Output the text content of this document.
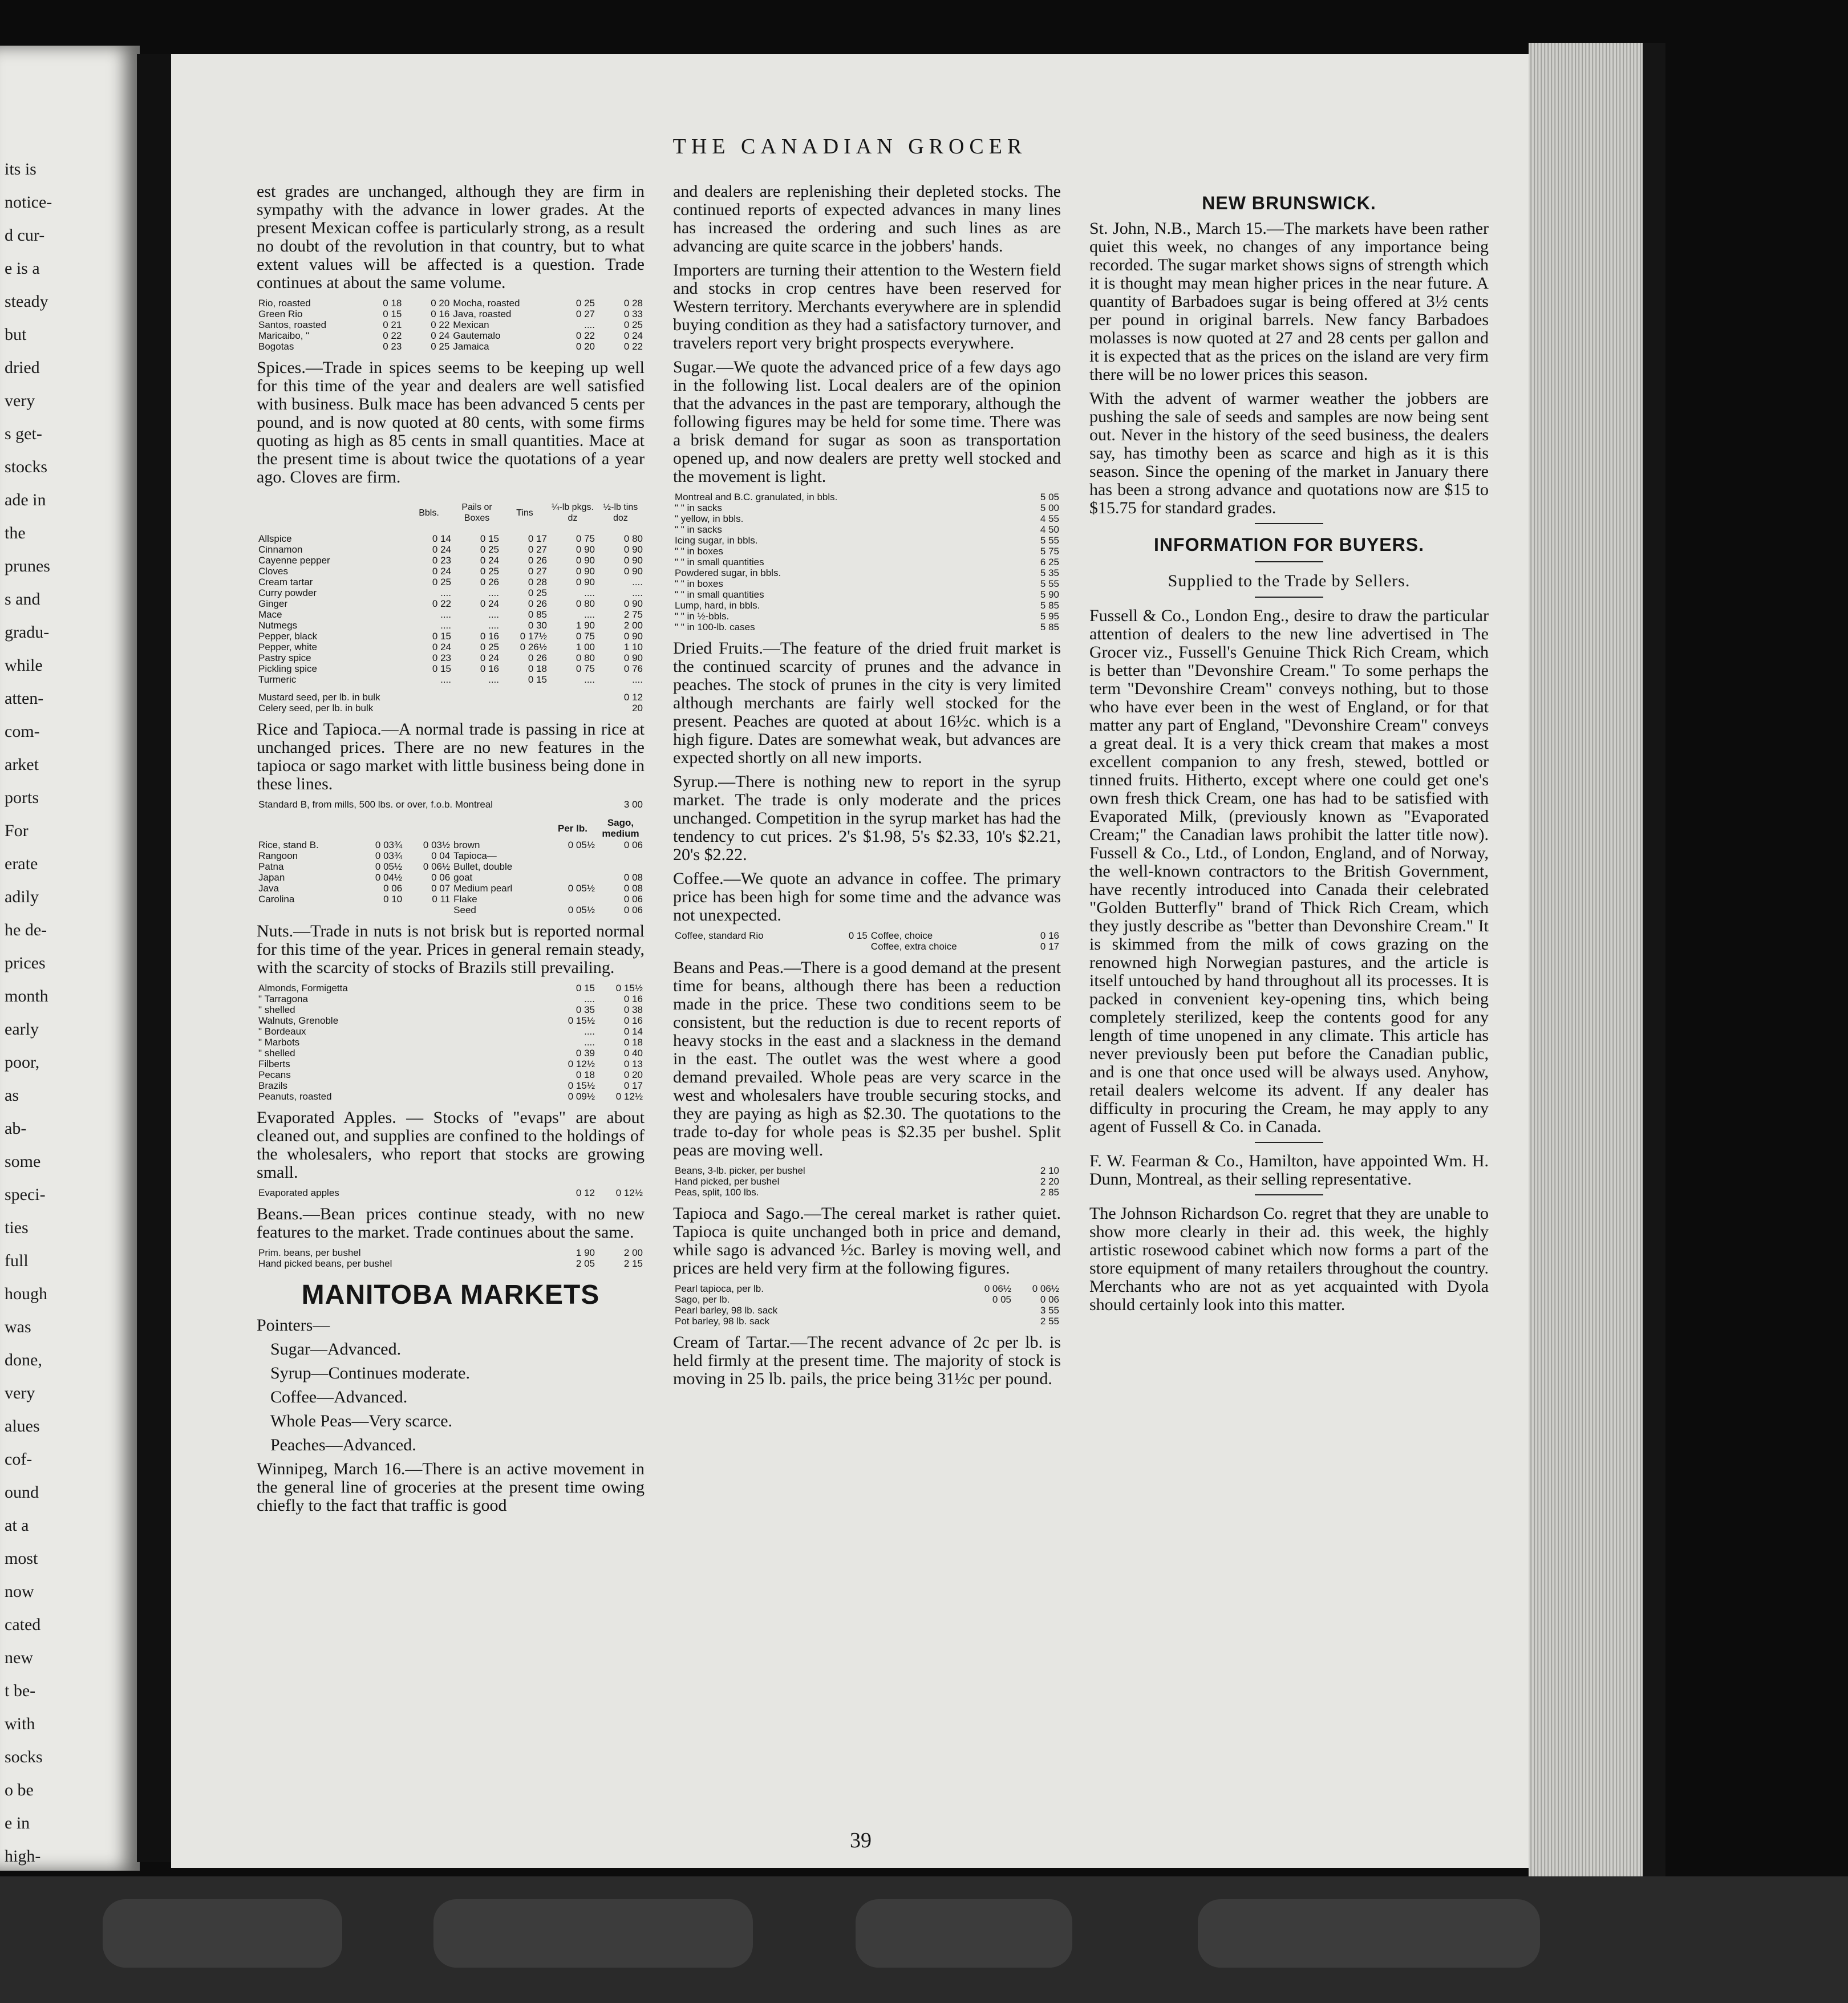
its is
notice-
d cur-
e is a
steady
but
dried
very
s get-
stocks
ade in
the
prunes
s and
gradu-
while
atten-
com-
arket
ports
For
erate
adily
he de-
prices
month
early
poor,
as
ab-
some
speci-
ties
full
hough
was
done,
very
alues
cof-
ound
at a
most
now
cated
new
t be-
with
socks
o be
e in
high-
THE CANADIAN GROCER

est grades are unchanged, although they are firm in sympathy with the advance in lower grades. At the present Mexican coffee is particularly strong, as a result no doubt of the revolution in that country, but to what extent values will be affected is a question. Trade continues at about the same volume.

Rio, roasted	0 18	0 20	Mocha, roasted	0 25	0 28
Green Rio	0 15	0 16	Java, roasted	0 27	0 33
Santos, roasted	0 21	0 22	Mexican	....	0 25
Maricaibo, "	0 22	0 24	Gautemalo	0 22	0 24
Bogotas	0 23	0 25	Jamaica	0 20	0 22

Spices.—Trade in spices seems to be keeping up well for this time of the year and dealers are well satisfied with business. Bulk mace has been advanced 5 cents per pound, and is now quoted at 80 cents, with some firms quoting as high as 85 cents in small quantities. Mace at the present time is about twice the quotations of a year ago. Cloves are firm.

	Bbls.	Pails or Boxes	Tins	¼-lb pkgs. dz	½-lb tins doz
Allspice	0 14	0 15	0 17	0 75	0 80
Cinnamon	0 24	0 25	0 27	0 90	0 90
Cayenne pepper	0 23	0 24	0 26	0 90	0 90
Cloves	0 24	0 25	0 27	0 90	0 90
Cream tartar	0 25	0 26	0 28	0 90	....
Curry powder	....	....	0 25	....	....
Ginger	0 22	0 24	0 26	0 80	0 90
Mace	....	....	0 85	....	2 75
Nutmegs	....	....	0 30	1 90	2 00
Pepper, black	0 15	0 16	0 17½	0 75	0 90
Pepper, white	0 24	0 25	0 26½	1 00	1 10
Pastry spice	0 23	0 24	0 26	0 80	0 90
Pickling spice	0 15	0 16	0 18	0 75	0 76
Turmeric	....	....	0 15	....	....
Mustard seed, per lb. in bulk	0 12
Celery seed, per lb. in bulk	20

Rice and Tapioca.—A normal trade is passing in rice at unchanged prices. There are no new features in the tapioca or sago market with little business being done in these lines.

Standard B, from mills, 500 lbs. or over, f.o.b. Montreal	3 00
				Per lb.	Sago, medium
Rice, stand B.	0 03¾	0 03½	brown	0 05½	0 06
Rangoon	0 03¾	0 04	Tapioca—		
Patna	0 05½	0 06½	Bullet, double		
Japan	0 04½	0 06	goat		0 08
Java	0 06	0 07	Medium pearl	0 05½	0 08
Carolina	0 10	0 11	Flake		0 06
			Seed	0 05½	0 06

Nuts.—Trade in nuts is not brisk but is reported normal for this time of the year. Prices in general remain steady, with the scarcity of stocks of Brazils still prevailing.

Almonds, Formigetta	0 15	0 15½
" Tarragona	....	0 16
" shelled	0 35	0 38
Walnuts, Grenoble	0 15½	0 16
" Bordeaux	....	0 14
" Marbots	....	0 18
" shelled	0 39	0 40
Filberts	0 12½	0 13
Pecans	0 18	0 20
Brazils	0 15½	0 17
Peanuts, roasted	0 09½	0 12½

Evaporated Apples. — Stocks of "evaps" are about cleaned out, and supplies are confined to the holdings of the wholesalers, who report that stocks are growing small.

Evaporated apples	0 12	0 12½

Beans.—Bean prices continue steady, with no new features to the market. Trade continues about the same.

Prim. beans, per bushel	1 90	2 00
Hand picked beans, per bushel	2 05	2 15
MANITOBA MARKETS

Pointers—

Sugar—Advanced.

Syrup—Continues moderate.

Coffee—Advanced.

Whole Peas—Very scarce.

Peaches—Advanced.

Winnipeg, March 16.—There is an active movement in the general line of groceries at the present time owing chiefly to the fact that traffic is good

and dealers are replenishing their depleted stocks. The continued reports of expected advances in many lines has increased the ordering and such lines as are advancing are quite scarce in the jobbers' hands.

Importers are turning their attention to the Western field and stocks in crop centres have been reserved for Western territory. Merchants everywhere are in splendid buying condition as they had a satisfactory turnover, and travelers report very bright prospects everywhere.

Sugar.—We quote the advanced price of a few days ago in the following list. Local dealers are of the opinion that the advances in the past are temporary, although the following figures may be held for some time. There was a brisk demand for sugar as soon as transportation opened up, and now dealers are pretty well stocked and the movement is light.

Montreal and B.C. granulated, in bbls.	5 05
" " in sacks	5 00
" yellow, in bbls.	4 55
" " in sacks	4 50
Icing sugar, in bbls.	5 55
" " in boxes	5 75
" " in small quantities	6 25
Powdered sugar, in bbls.	5 35
" " in boxes	5 55
" " in small quantities	5 90
Lump, hard, in bbls.	5 85
" " in ½-bbls.	5 95
" " in 100-lb. cases	5 85

Dried Fruits.—The feature of the dried fruit market is the continued scarcity of prunes and the advance in peaches. The stock of prunes in the city is very limited although merchants are fairly well stocked for the present. Peaches are quoted at about 16½c. which is a high figure. Dates are somewhat weak, but advances are expected shortly on all new imports.

Syrup.—There is nothing new to report in the syrup market. The trade is only moderate and the prices unchanged. Competition in the syrup market has had the tendency to cut prices. 2's $1.98, 5's $2.33, 10's $2.21, 20's $2.22.

Coffee.—We quote an advance in coffee. The primary price has been high for some time and the advance was not unexpected.

Coffee, standard Rio	0 15	Coffee, choice	0 16
		Coffee, extra choice	0 17

Beans and Peas.—There is a good demand at the present time for beans, although there has been a reduction made in the price. These two conditions seem to be consistent, but the reduction is due to recent reports of heavy stocks in the east and a slackness in the demand in the east. The outlet was the west where a good demand prevailed. Whole peas are very scarce in the west and wholesalers have trouble securing stocks, and they are paying as high as $2.30. The quotations to the trade to-day for whole peas is $2.35 per bushel. Split peas are moving well.

Beans, 3-lb. picker, per bushel	2 10
Hand picked, per bushel	2 20
Peas, split, 100 lbs.	2 85

Tapioca and Sago.—The cereal market is rather quiet. Tapioca is quite unchanged both in price and demand, while sago is advanced ½c. Barley is moving well, and prices are held very firm at the following figures.

Pearl tapioca, per lb.	0 06½	0 06½
Sago, per lb.	0 05	0 06
Pearl barley, 98 lb. sack		3 55
Pot barley, 98 lb. sack		2 55

Cream of Tartar.—The recent advance of 2c per lb. is held firmly at the present time. The majority of stock is moving in 25 lb. pails, the price being 31½c per pound.

NEW BRUNSWICK.

St. John, N.B., March 15.—The markets have been rather quiet this week, no changes of any importance being recorded. The sugar market shows signs of strength which it is thought may mean higher prices in the near future. A quantity of Barbadoes sugar is being offered at 3½ cents per pound in original barrels. New fancy Barbadoes molasses is now quoted at 27 and 28 cents per gallon and it is expected that as the prices on the island are very firm there will be no lower prices this season.

With the advent of warmer weather the jobbers are pushing the sale of seeds and samples are now being sent out. Never in the history of the seed business, the dealers say, has timothy been as scarce and high as it is this season. Since the opening of the market in January there has been a strong advance and quotations now are $15 to $15.75 for standard grades.

INFORMATION FOR BUYERS.
Supplied to the Trade by Sellers.

Fussell & Co., London Eng., desire to draw the particular attention of dealers to the new line advertised in The Grocer viz., Fussell's Genuine Thick Rich Cream, which is better than "Devonshire Cream." To some perhaps the term "Devonshire Cream" conveys nothing, but to those who have ever been in the west of England, or for that matter any part of England, "Devonshire Cream" conveys a great deal. It is a very thick cream that makes a most excellent companion to any fresh, stewed, bottled or tinned fruits. Hitherto, except where one could get one's own fresh thick Cream, one has had to be satisfied with Evaporated Milk, (previously known as "Evaporated Cream;" the Canadian laws prohibit the latter title now). Fussell & Co., Ltd., of London, England, and of Norway, the well-known contractors to the British Government, have recently introduced into Canada their celebrated "Golden Butterfly" brand of Thick Rich Cream, which they justly describe as "better than Devonshire Cream." It is skimmed from the milk of cows grazing on the renowned high Norwegian pastures, and the article is itself untouched by hand throughout all its processes. It is packed in convenient key-opening tins, which being completely sterilized, keep the contents good for any length of time unopened in any climate. This article has never previously been put before the Canadian public, and is one that once used will be always used. Anyhow, retail dealers welcome its advent. If any dealer has difficulty in procuring the Cream, he may apply to any agent of Fussell & Co. in Canada.

F. W. Fearman & Co., Hamilton, have appointed Wm. H. Dunn, Montreal, as their selling representative.

The Johnson Richardson Co. regret that they are unable to show more clearly in their ad. this week, the highly artistic rosewood cabinet which now forms a part of the store equipment of many retailers throughout the country. Merchants who are not as yet acquainted with Dyola should certainly look into this matter.

39
